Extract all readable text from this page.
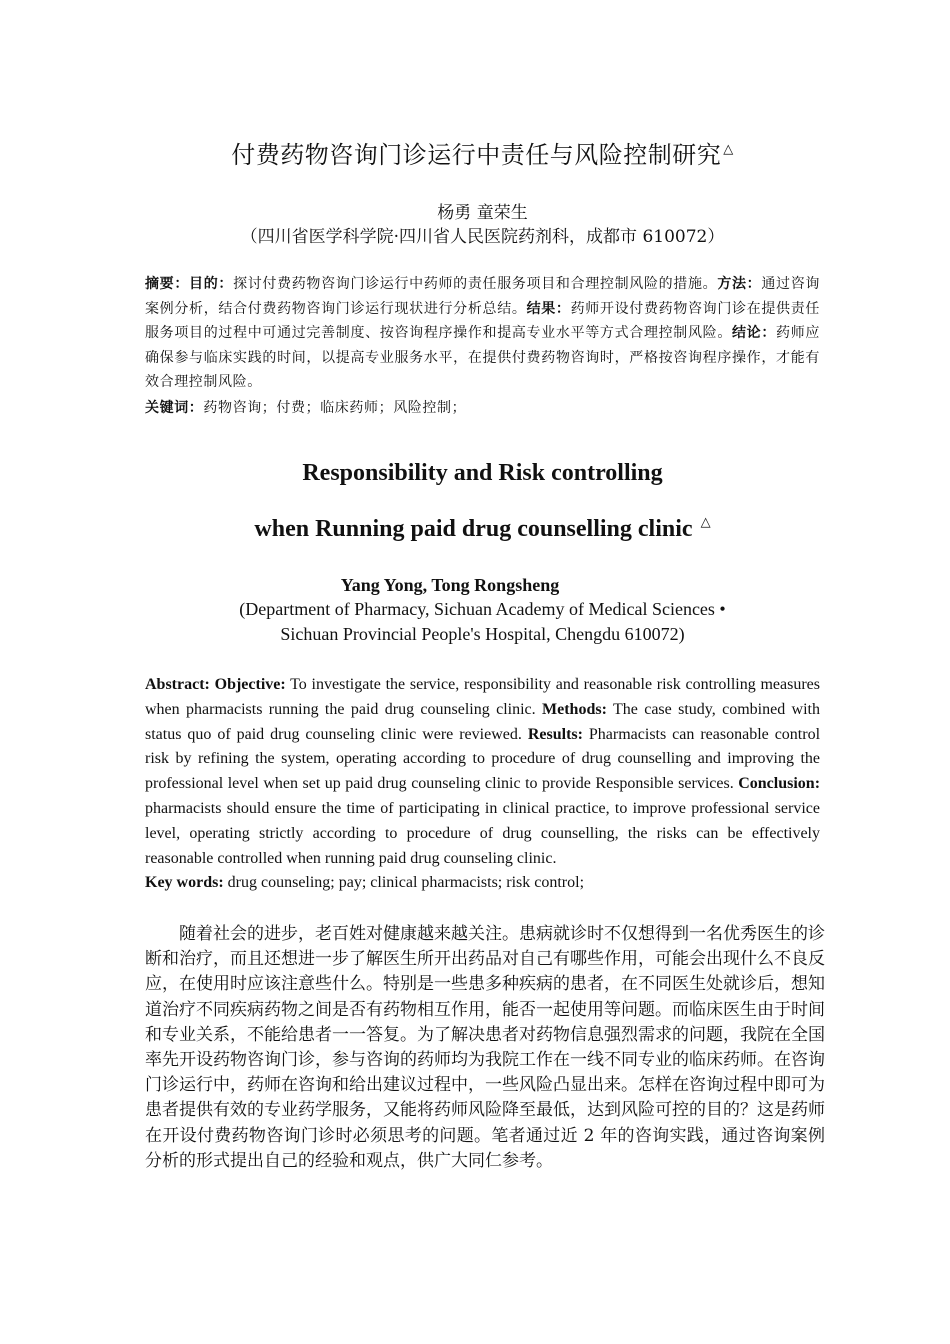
付费药物咨询门诊运行中责任与风险控制研究 △
杨勇 童荣生
（四川省医学科学院·四川省人民医院药剂科，成都市 610072）
摘要：目的：探讨付费药物咨询门诊运行中药师的责任服务项目和合理控制风险的措施。方法：通过咨询案例分析，结合付费药物咨询门诊运行现状进行分析总结。结果：药师开设付费药物咨询门诊在提供责任服务项目的过程中可通过完善制度、按咨询程序操作和提高专业水平等方式合理控制风险。结论：药师应确保参与临床实践的时间，以提高专业服务水平，在提供付费药物咨询时，严格按咨询程序操作，才能有效合理控制风险。
关键词：药物咨询；付费；临床药师；风险控制；
Responsibility and Risk controlling
when Running paid drug counselling clinic △
Yang Yong, Tong Rongsheng
(Department of Pharmacy, Sichuan Academy of Medical Sciences •
Sichuan Provincial People's Hospital, Chengdu 610072)
Abstract: Objective: To investigate the service, responsibility and reasonable risk controlling measures when pharmacists running the paid drug counseling clinic. Methods: The case study, combined with status quo of paid drug counseling clinic were reviewed. Results: Pharmacists can reasonable control risk by refining the system, operating according to procedure of drug counselling and improving the professional level when set up paid drug counseling clinic to provide Responsible services. Conclusion: pharmacists should ensure the time of participating in clinical practice, to improve professional service level, operating strictly according to procedure of drug counselling, the risks can be effectively reasonable controlled when running paid drug counseling clinic.
Key words: drug counseling; pay; clinical pharmacists; risk control;
随着社会的进步，老百姓对健康越来越关注。患病就诊时不仅想得到一名优秀医生的诊断和治疗，而且还想进一步了解医生所开出药品对自己有哪些作用，可能会出现什么不良反应，在使用时应该注意些什么。特别是一些患多种疾病的患者，在不同医生处就诊后，想知道治疗不同疾病药物之间是否有药物相互作用，能否一起使用等问题。而临床医生由于时间和专业关系，不能给患者一一答复。为了解决患者对药物信息强烈需求的问题，我院在全国率先开设药物咨询门诊，参与咨询的药师均为我院工作在一线不同专业的临床药师。在咨询门诊运行中，药师在咨询和给出建议过程中，一些风险凸显出来。怎样在咨询过程中即可为患者提供有效的专业药学服务，又能将药师风险降至最低，达到风险可控的目的？这是药师在开设付费药物咨询门诊时必须思考的问题。笔者通过近 2 年的咨询实践，通过咨询案例分析的形式提出自己的经验和观点，供广大同仁参考。
